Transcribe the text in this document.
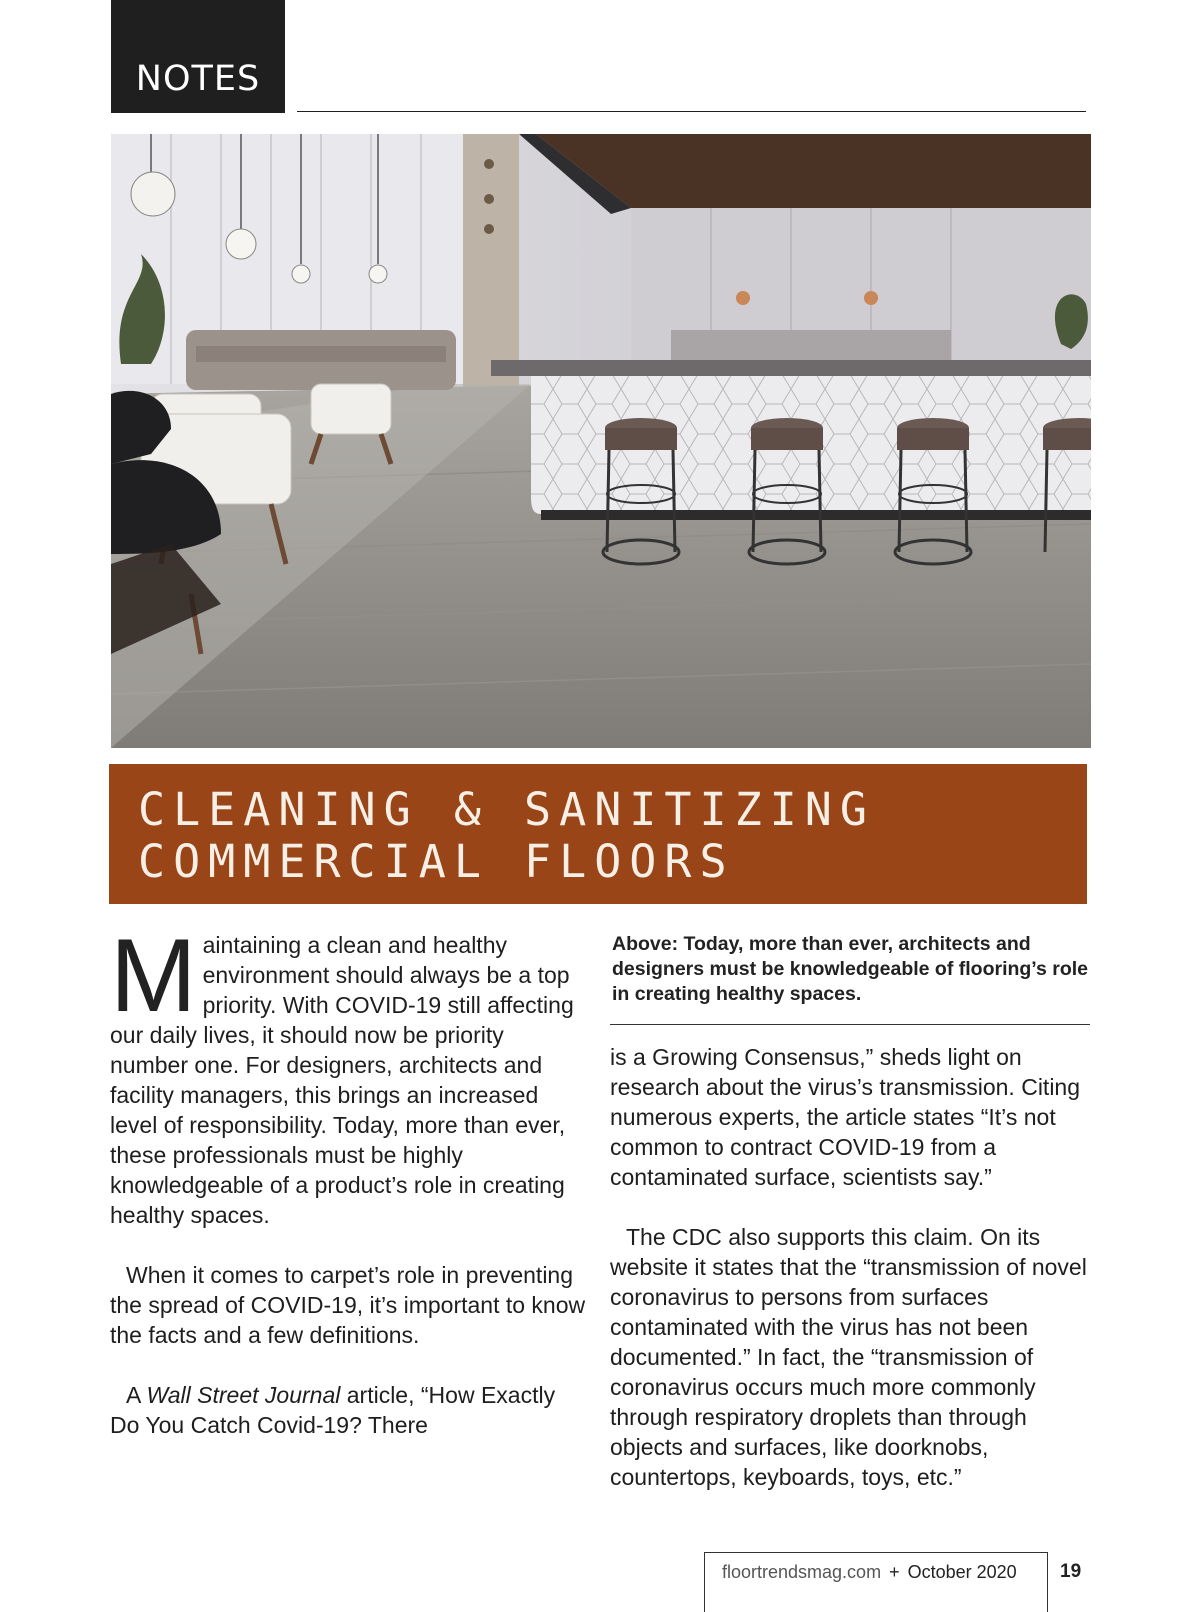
NOTES
CLEANING & SANITIZING
COMMERCIAL FLOORS

Maintaining a clean and healthy environment should always be a top priority. With COVID-19 still affecting our daily lives, it should now be priority number one. For designers, architects and facility managers, this brings an increased level of responsibility. Today, more than ever, these professionals must be highly knowledgeable of a product’s role in creating healthy spaces.

When it comes to carpet’s role in preventing the spread of COVID-19, it’s important to know the facts and a few definitions.

A Wall Street Journal article, “How Exactly Do You Catch Covid-19? There

Above: Today, more than ever, architects and designers must be knowledgeable of flooring’s role in creating healthy spaces.

is a Growing Consensus,” sheds light on research about the virus’s transmission. Citing numerous experts, the article states “It’s not common to contract COVID-19 from a contaminated surface, scientists say.”

The CDC also supports this claim. On its website it states that the “transmission of novel coronavirus to persons from surfaces contaminated with the virus has not been documented.” In fact, the “transmission of coronavirus occurs much more commonly through respiratory droplets than through objects and surfaces, like doorknobs, countertops, keyboards, toys, etc.”

floortrendsmag.com + October 2020 19
